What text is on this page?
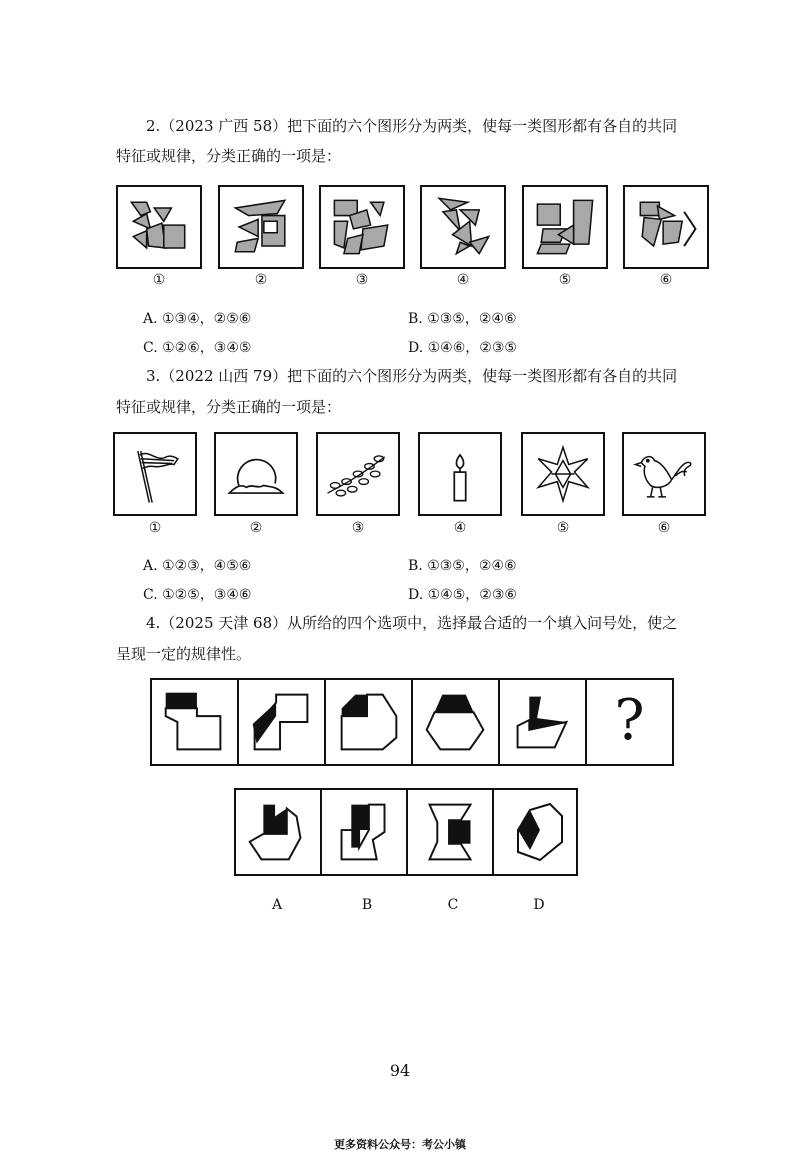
2.（2023 广西 58）把下面的六个图形分为两类，使每一类图形都有各自的共同
特征或规律，分类正确的一项是：
①	②	③	④	⑤	⑥
A. ①③④，②⑤⑥	B. ①③⑤，②④⑥
C. ①②⑥，③④⑤	D. ①④⑥，②③⑤
3.（2022 山西 79）把下面的六个图形分为两类，使每一类图形都有各自的共同
特征或规律，分类正确的一项是：
①	②	③	④	⑤	⑥
A. ①②③，④⑤⑥	B. ①③⑤，②④⑥
C. ①②⑤，③④⑥	D. ①④⑤，②③⑥
4.（2025 天津 68）从所给的四个选项中，选择最合适的一个填入问号处，使之
呈现一定的规律性。
?
A	B	C	D
94
更多资料公众号：考公小镇
